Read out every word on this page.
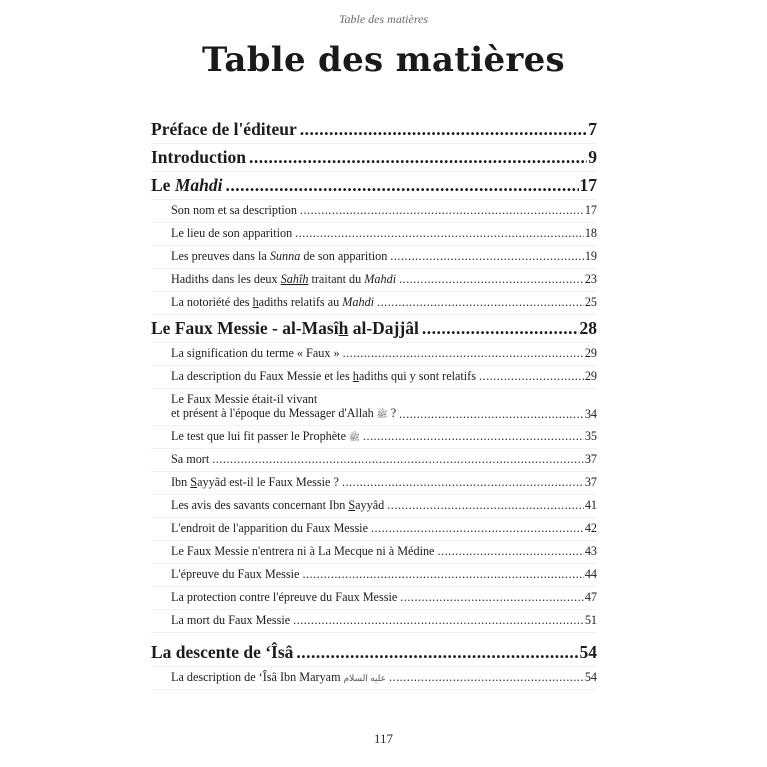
Table des matières
Table des matières
Préface de l'éditeur .....	7
Introduction .....	9
Le Mahdi .....	17
Son nom et sa description .....	17
Le lieu de son apparition .....	18
Les preuves dans la Sunna de son apparition .....	19
Hadiths dans les deux Sahîh traitant du Mahdi .....	23
La notoriété des hadiths relatifs au Mahdi .....	25
Le Faux Messie - al-Masîh al-Dajjâl .....	28
La signification du terme « Faux » .....	29
La description du Faux Messie et les hadiths qui y sont relatifs .....	29
Le Faux Messie était-il vivant
et présent à l'époque du Messager d'Allah ﷺ ? .....	34
Le test que lui fit passer le Prophète ﷺ .....	35
Sa mort .....	37
Ibn Sayyâd est-il le Faux Messie ? .....	37
Les avis des savants concernant Ibn Sayyâd .....	41
L'endroit de l'apparition du Faux Messie .....	42
Le Faux Messie n'entrera ni à La Mecque ni à Médine .....	43
L'épreuve du Faux Messie .....	44
La protection contre l'épreuve du Faux Messie .....	47
La mort du Faux Messie .....	51
La descente de ‘Îsâ .....	54
La description de ‘Îsâ Ibn Maryam عليه السلام .....	54
117
